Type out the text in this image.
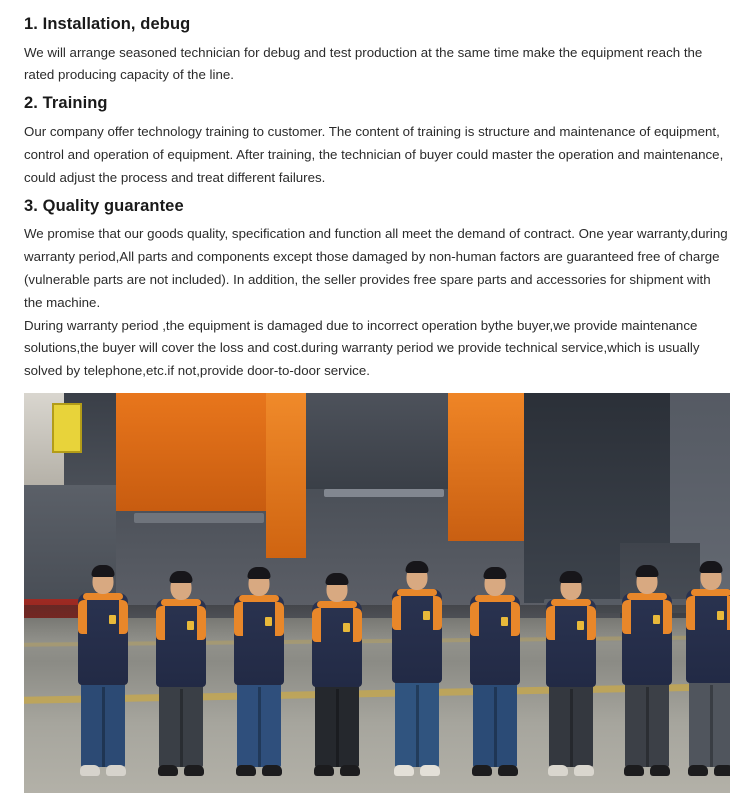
1. Installation, debug

We will arrange seasoned technician for debug and test production at the same time make the equipment reach the rated producing capacity of the line.

2. Training

Our company offer technology training to customer. The content of training is structure and maintenance of equipment, control and operation of equipment. After training, the technician of buyer could master the operation and maintenance, could adjust the process and treat different failures.

3. Quality guarantee

We promise that our goods quality, specification and function all meet the demand of contract. One year warranty,during warranty period,All parts and components except those damaged by non-human factors are guaranteed free of charge (vulnerable parts are not included). In addition, the seller provides free spare parts and accessories for shipment with the machine.

During warranty period ,the equipment is damaged due to incorrect operation bythe buyer,we provide maintenance solutions,the buyer will cover the loss and cost.during warranty period we provide technical service,which is usually solved by telephone,etc.if not,provide door-to-door service.
